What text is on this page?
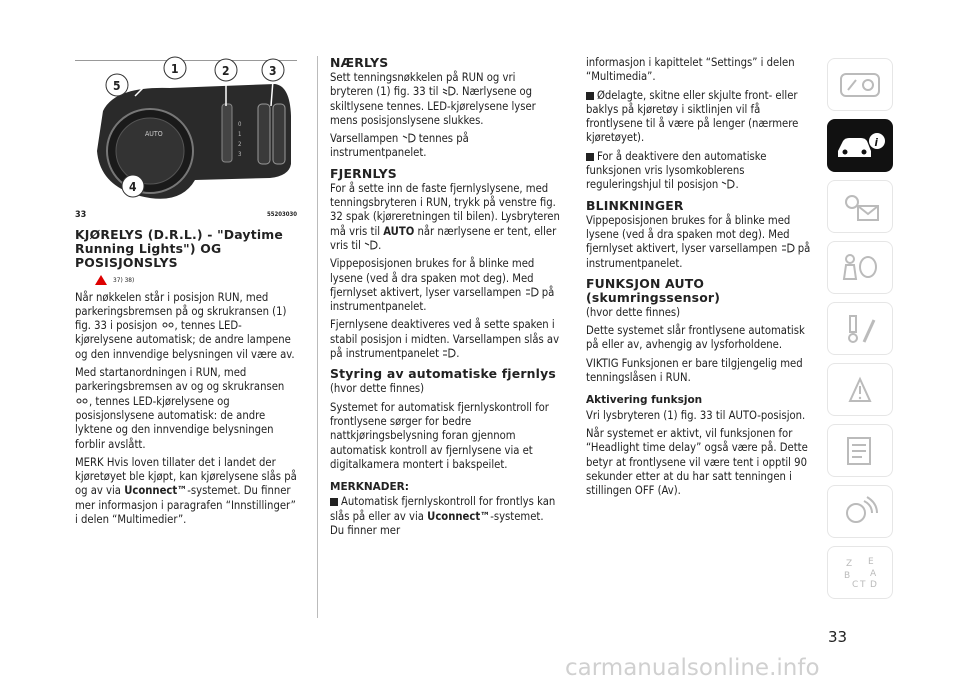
AUTO
0
1
2
3
1	2	3
4
5
33	55203030
KJØRELYS (D.R.L.) - "Daytime Running Lights") OG POSISJONSLYS
37) 38)

Når nøkkelen står i posisjon RUN, med parkeringsbremsen på og skrukransen (1) fig. 33 i posisjon , tennes LED-kjørelysene automatisk; de andre lampene og den innvendige belysningen vil være av.

Med startanordningen i RUN, med parkeringsbremsen av og og skrukransen , tennes LED-kjørelysene og posisjonslysene automatisk: de andre lyktene og den innvendige belysningen forblir avslått.

MERK Hvis loven tillater det i landet der kjøretøyet ble kjøpt, kan kjørelysene slås på og av via Uconnect™-systemet. Du finner mer informasjon i paragrafen “Innstillinger” i delen “Multimedier”.

NÆRLYS

Sett tenningsnøkkelen på RUN og vri bryteren (1) fig. 33 til . Nærlysene og skiltlysene tennes. LED-kjørelysene lyser mens posisjonslysene slukkes.

Varsellampen tennes på instrumentpanelet.

FJERNLYS

For å sette inn de faste fjernlyslysene, med tenningsbryteren i RUN, trykk på venstre fig. 32 spak (kjøreretningen til bilen). Lysbryteren må vris til AUTO når nærlysene er tent, eller vris til .

Vippeposisjonen brukes for å blinke med lysene (ved å dra spaken mot deg). Med fjernlyset aktivert, lyser varsellampen på instrumentpanelet.

Fjernlysene deaktiveres ved å sette spaken i stabil posisjon i midten. Varsellampen slås av på instrumentpanelet .

Styring av automatiske fjernlys

(hvor dette finnes)

Systemet for automatisk fjernlyskontroll for frontlysene sørger for bedre nattkjøringsbelysning foran gjennom automatisk kontroll av fjernlysene via et digitalkamera montert i bakspeilet.

MERKNADER:

Automatisk fjernlyskontroll for frontlys kan slås på eller av via Uconnect™-systemet. Du finner mer

informasjon i kapittelet “Settings” i delen “Multimedia”.

Ødelagte, skitne eller skjulte front- eller baklys på kjøretøy i siktlinjen vil få frontlysene til å være på lenger (nærmere kjøretøyet).

For å deaktivere den automatiske funksjonen vris lysomkoblerens reguleringshjul til posisjon .

BLINKNINGER

Vippeposisjonen brukes for å blinke med lysene (ved å dra spaken mot deg). Med fjernlyset aktivert, lyser varsellampen på instrumentpanelet.

FUNKSJON AUTO (skumringssensor)

(hvor dette finnes)

Dette systemet slår frontlysene automatisk på eller av, avhengig av lysforholdene.

VIKTIG Funksjonen er bare tilgjengelig med tenningslåsen i RUN.

Aktivering funksjon

Vri lysbryteren (1) fig. 33 til AUTO-posisjon.

Når systemet er aktivt, vil funksjonen for “Headlight time delay” også være på. Dette betyr at frontlysene vil være tent i opptil 90 sekunder etter at du har satt tenningen i stillingen OFF (Av).

i
Z E
B A
C T D
33
carmanualsonline.info
